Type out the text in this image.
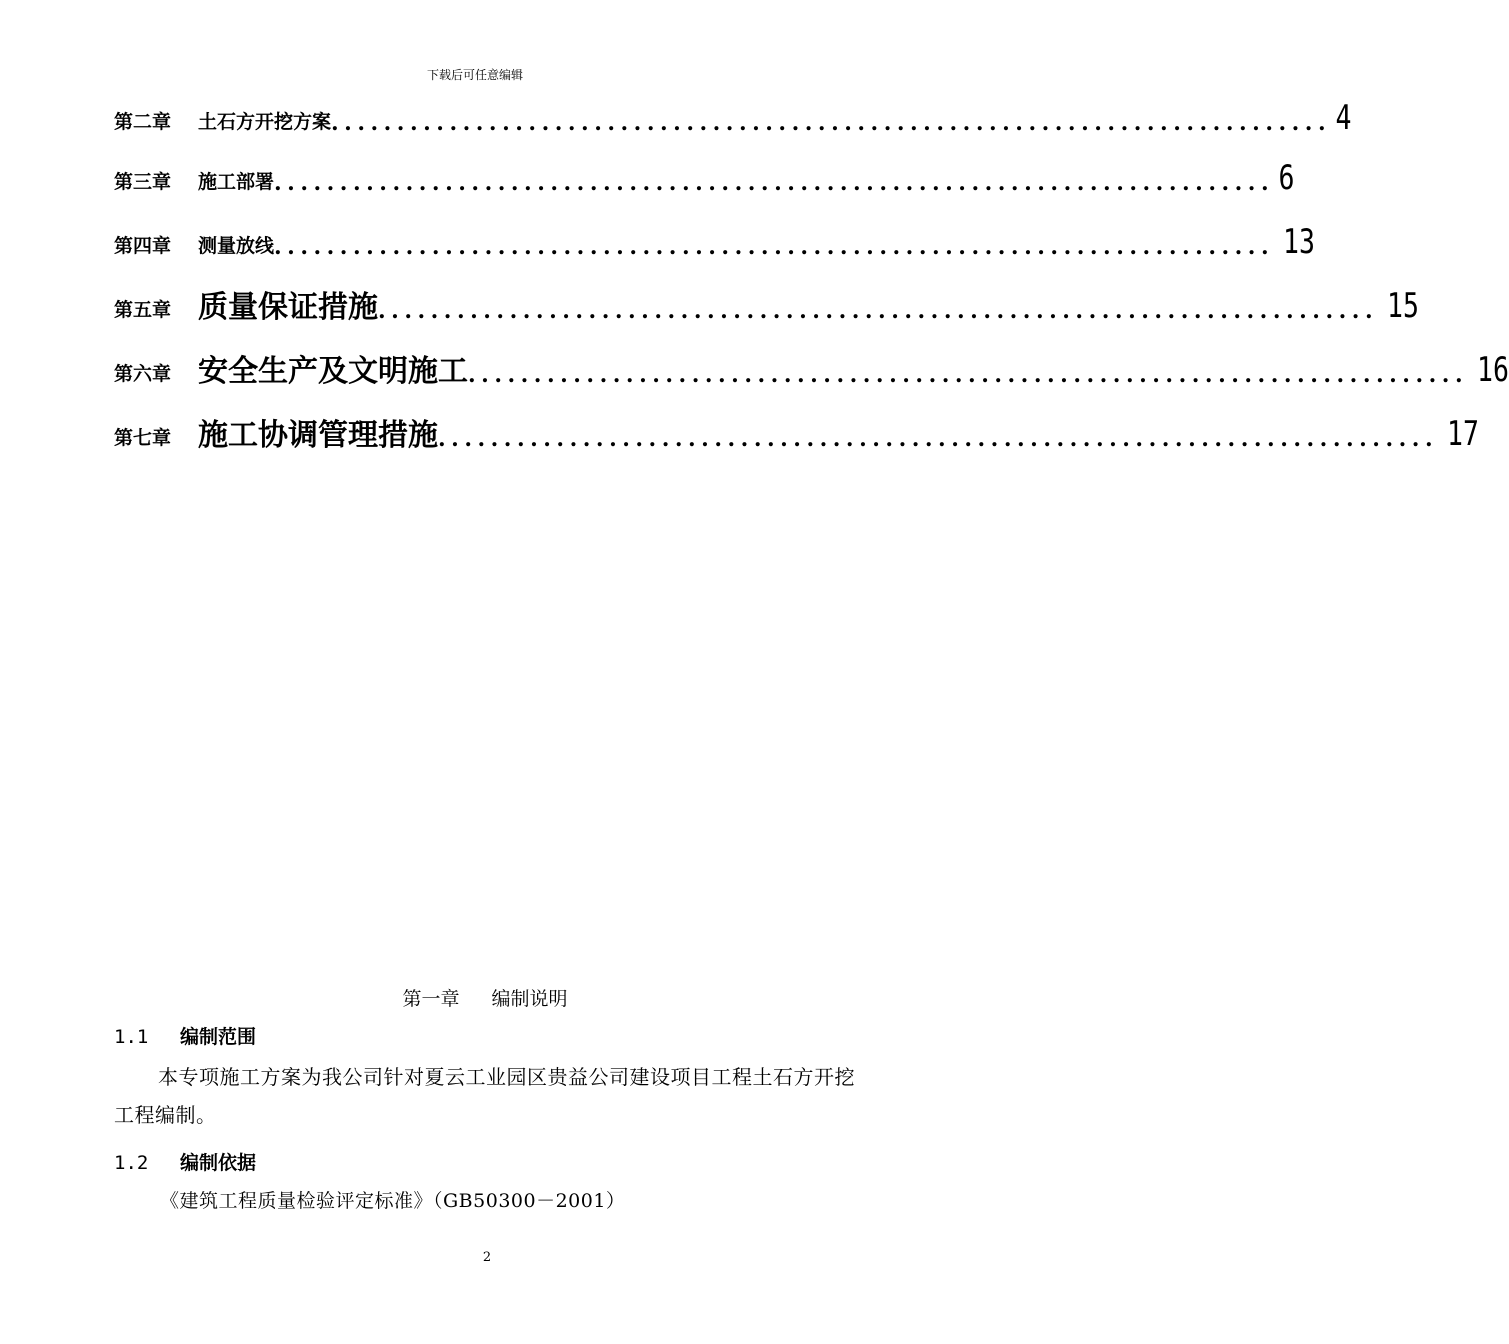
下载后可任意编辑
第二章	土石方开挖方案 ............................................................................ 4
第三章	施工部署 ............................................................................ 6
第四章	测量放线 ............................................................................ 13
第五章 质量保证措施 ............................................................................ 15
第六章 安全生产及文明施工 ............................................................................ 16
第七章 施工协调管理措施 ............................................................................ 17
第一章 编制说明
1.1 编制范围
本专项施工方案为我公司针对夏云工业园区贵益公司建设项目工程土石方开挖工程编制。
1.2 编制依据
《建筑工程质量检验评定标准》（GB50300－2001）
2
